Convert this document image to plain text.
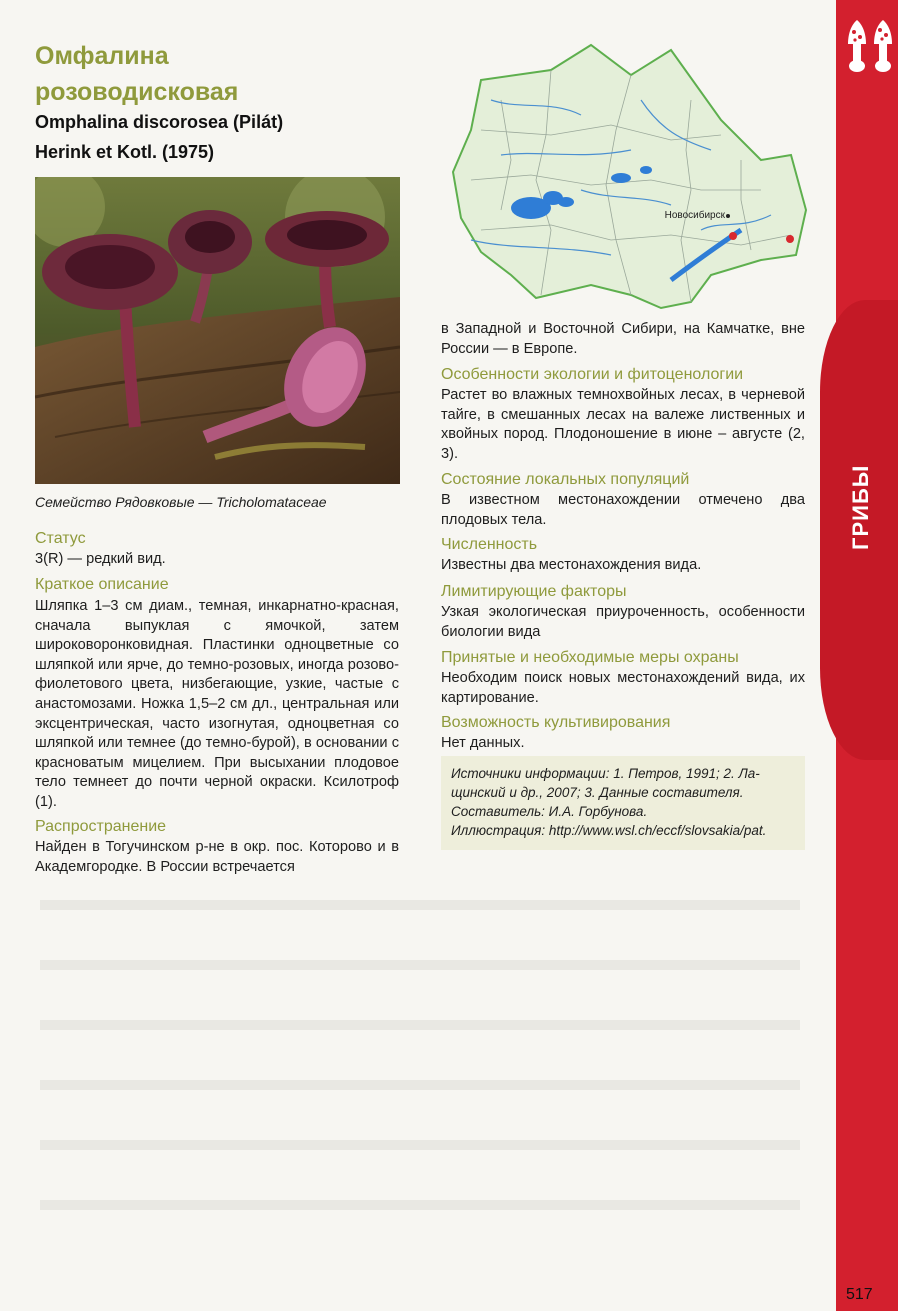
ГРИБЫ
Омфалина
розоводисковая
Omphalina discorosea (Pilát)
Herink et Kotl. (1975)
Семейство Рядовковые — Tricholomataceae
Новосибирск
Статус
3(R) — редкий вид.
Краткое описание
Шляпка 1–3 см диам., темная, инкарнатно-красная, сначала выпуклая с ямочкой, затем широковоронковидная. Пластинки одноцветные со шляпкой или ярче, до темно-розовых, иногда розово-фиолетового цвета, низбегающие, узкие, частые с анастомозами. Ножка 1,5–2 см дл., центральная или эксцентрическая, часто изогнутая, одноцветная со шляпкой или темнее (до темно-бурой), в основании с красноватым мицелием. При высыхании плодовое тело темнеет до почти черной окраски. Ксилотроф (1).
Распространение
Найден в Тогучинском р-не в окр. пос. Которово и в Академгородке. В России встречается
в Западной и Восточной Сибири, на Камчатке, вне России — в Европе.
Особенности экологии и фитоценологии
Растет во влажных темнохвойных лесах, в черневой тайге, в смешанных лесах на валеже лиственных и хвойных пород. Плодоношение в июне – августе (2, 3).
Состояние локальных популяций
В известном местонахождении отмечено два плодовых тела.
Численность
Известны два местонахождения вида.
Лимитирующие факторы
Узкая экологическая приуроченность, особенности биологии вида
Принятые и необходимые меры охраны
Необходим поиск новых местонахождений вида, их картирование.
Возможность культивирования
Нет данных.

Источники информации: 1. Петров, 1991; 2. Ла-

щинский и др., 2007; 3. Данные составителя.

Составитель: И.А. Горбунова.

Иллюстрация: http://www.wsl.ch/eccf/slovsakia/pat.

517
